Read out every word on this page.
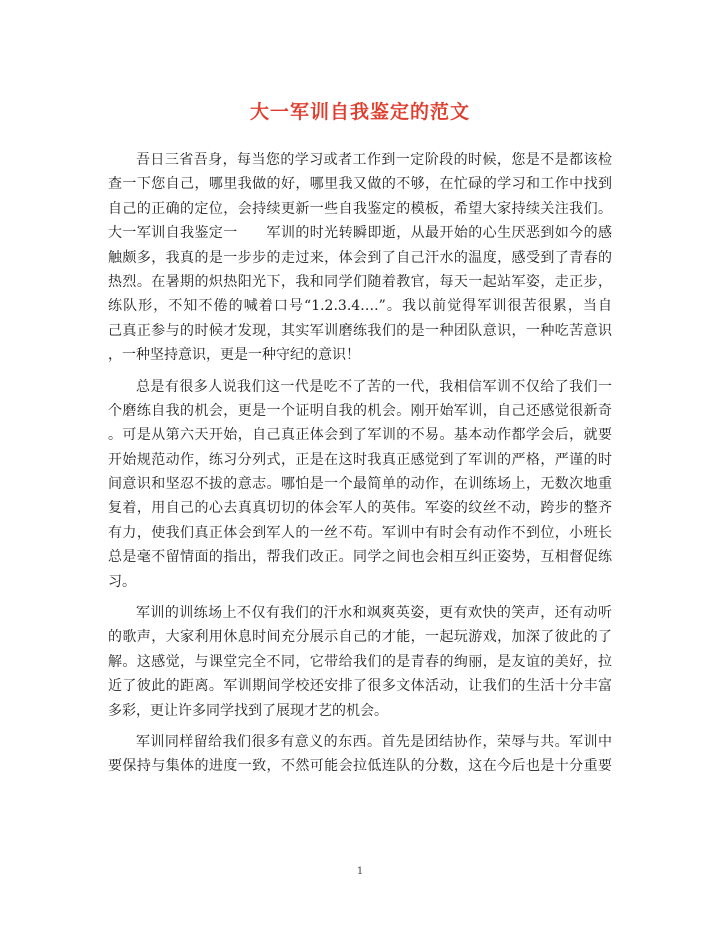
大一军训自我鉴定的范文
吾日三省吾身，每当您的学习或者工作到一定阶段的时候，您是不是都该检
查一下您自己，哪里我做的好，哪里我又做的不够，在忙碌的学习和工作中找到
自己的正确的定位，会持续更新一些自我鉴定的模板，希望大家持续关注我们。
大一军训自我鉴定一　　军训的时光转瞬即逝，从最开始的心生厌恶到如今的感
触颇多，我真的是一步步的走过来，体会到了自己汗水的温度，感受到了青春的
热烈。在暑期的炽热阳光下，我和同学们随着教官，每天一起站军姿，走正步，
练队形，不知不倦的喊着口号“1.2.3.4….”。我以前觉得军训很苦很累，当自
己真正参与的时候才发现，其实军训磨练我们的是一种团队意识，一种吃苦意识
，一种坚持意识，更是一种守纪的意识！
总是有很多人说我们这一代是吃不了苦的一代，我相信军训不仅给了我们一
个磨练自我的机会，更是一个证明自我的机会。刚开始军训，自己还感觉很新奇
。可是从第六天开始，自己真正体会到了军训的不易。基本动作都学会后，就要
开始规范动作，练习分列式，正是在这时我真正感觉到了军训的严格，严谨的时
间意识和坚忍不拔的意志。哪怕是一个最简单的动作，在训练场上，无数次地重
复着，用自己的心去真真切切的体会军人的英伟。军姿的纹丝不动，跨步的整齐
有力，使我们真正体会到军人的一丝不苟。军训中有时会有动作不到位，小班长
总是毫不留情面的指出，帮我们改正。同学之间也会相互纠正姿势，互相督促练
习。
军训的训练场上不仅有我们的汗水和飒爽英姿，更有欢快的笑声，还有动听
的歌声，大家利用休息时间充分展示自己的才能，一起玩游戏，加深了彼此的了
解。这感觉，与课堂完全不同，它带给我们的是青春的绚丽，是友谊的美好，拉
近了彼此的距离。军训期间学校还安排了很多文体活动，让我们的生活十分丰富
多彩，更让许多同学找到了展现才艺的机会。
军训同样留给我们很多有意义的东西。首先是团结协作，荣辱与共。军训中
要保持与集体的进度一致，不然可能会拉低连队的分数，这在今后也是十分重要
1
